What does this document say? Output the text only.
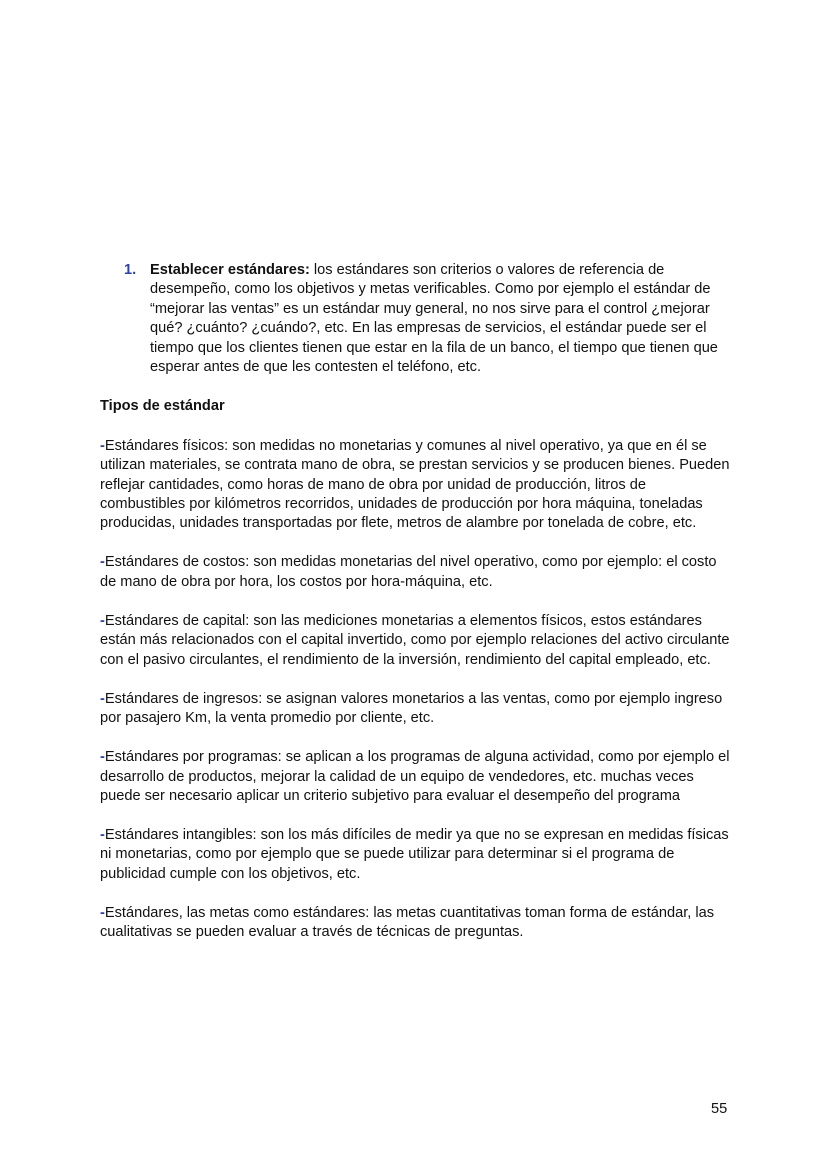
1. Establecer estándares: los estándares son criterios o valores de referencia de desempeño, como los objetivos y metas verificables. Como por ejemplo el estándar de “mejorar las ventas” es un estándar muy general, no nos sirve para el control ¿mejorar qué? ¿cuánto? ¿cuándo?, etc. En las empresas de servicios, el estándar puede ser el tiempo que los clientes tienen que estar en la fila de un banco, el tiempo que tienen que esperar antes de que les contesten el teléfono, etc.
Tipos de estándar

-Estándares físicos: son medidas no monetarias y comunes al nivel operativo, ya que en él se utilizan materiales, se contrata mano de obra, se prestan servicios y se producen bienes. Pueden reflejar cantidades, como horas de mano de obra por unidad de producción, litros de combustibles por kilómetros recorridos, unidades de producción por hora máquina, toneladas producidas, unidades transportadas por flete, metros de alambre por tonelada de cobre, etc.

-Estándares de costos: son medidas monetarias del nivel operativo, como por ejemplo: el costo de mano de obra por hora, los costos por hora-máquina, etc.

-Estándares de capital: son las mediciones monetarias a elementos físicos, estos estándares están más relacionados con el capital invertido, como por ejemplo relaciones del activo circulante con el pasivo circulantes, el rendimiento de la inversión, rendimiento del capital empleado, etc.

-Estándares de ingresos: se asignan valores monetarios a las ventas, como por ejemplo ingreso por pasajero Km, la venta promedio por cliente, etc.

-Estándares por programas: se aplican a los programas de alguna actividad, como por ejemplo el desarrollo de productos, mejorar la calidad de un equipo de vendedores, etc. muchas veces puede ser necesario aplicar un criterio subjetivo para evaluar el desempeño del programa

-Estándares intangibles: son los más difíciles de medir ya que no se expresan en medidas físicas ni monetarias, como por ejemplo que se puede utilizar para determinar si el programa de publicidad cumple con los objetivos, etc.

-Estándares, las metas como estándares: las metas cuantitativas toman forma de estándar, las cualitativas se pueden evaluar a través de técnicas de preguntas.

55
